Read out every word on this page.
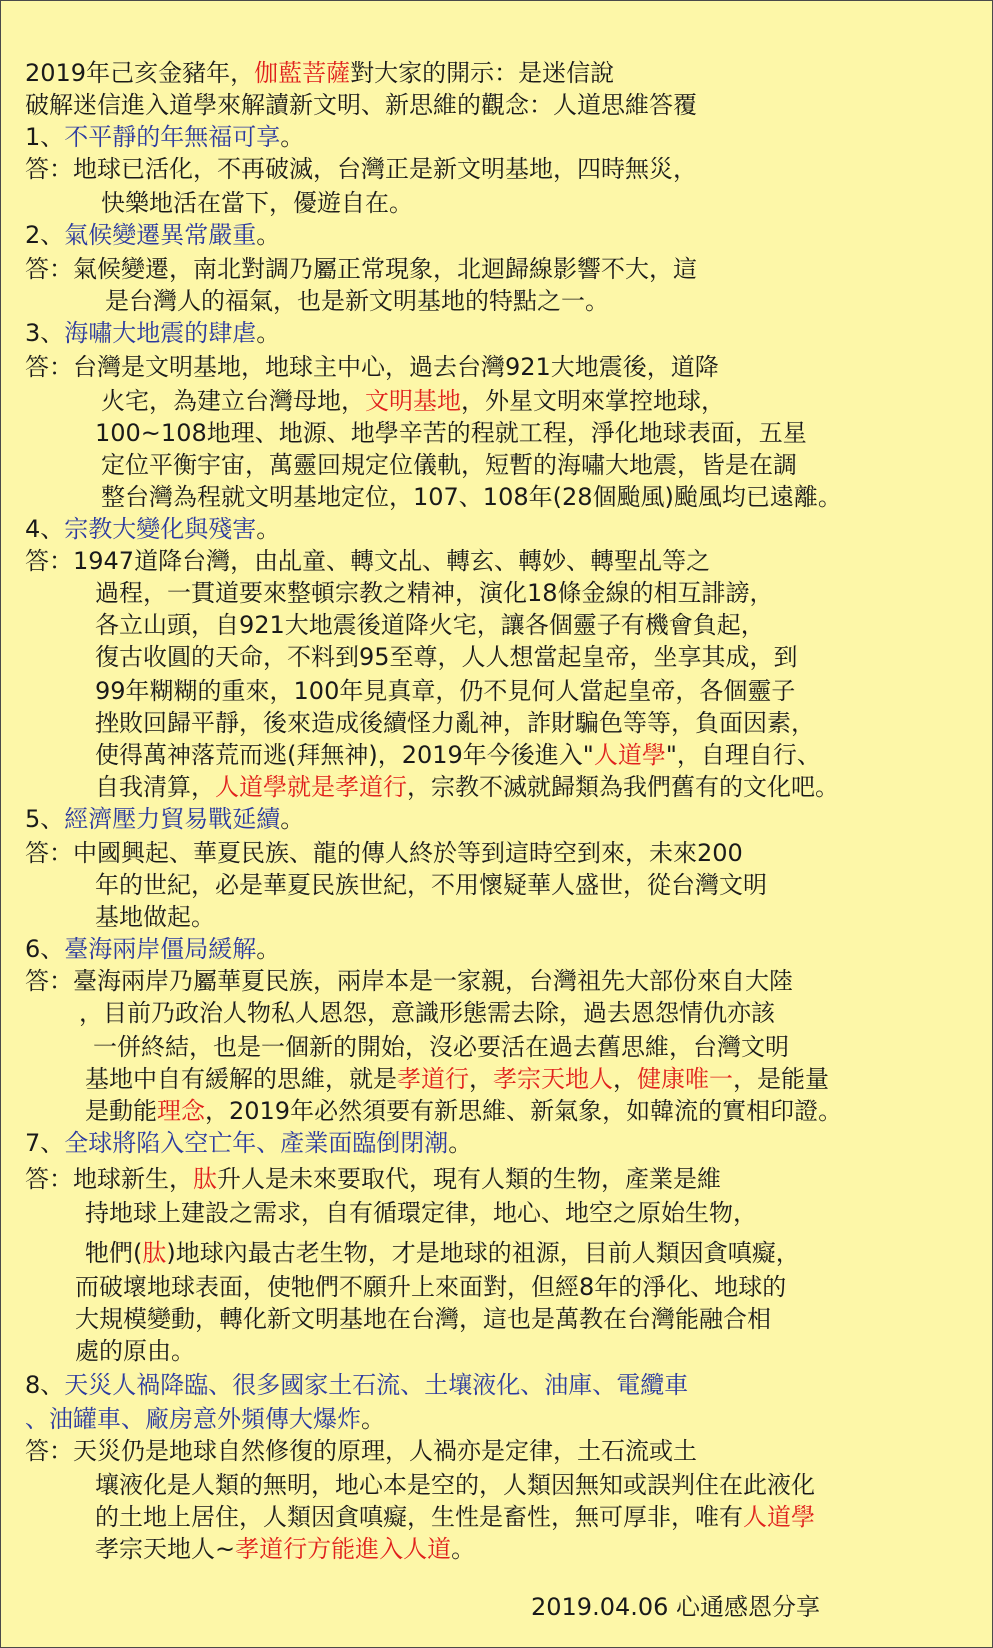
2019年己亥金豬年，伽藍菩薩對大家的開示：是迷信說
破解迷信進入道學來解讀新文明、新思維的觀念：人道思維答覆
1、不平靜的年無福可享。
答：地球已活化，不再破滅，台灣正是新文明基地，四時無災，
快樂地活在當下，優遊自在。
2、氣候變遷異常嚴重。
答：氣候變遷，南北對調乃屬正常現象，北迴歸線影響不大，這
是台灣人的福氣，也是新文明基地的特點之一。
3、海嘯大地震的肆虐。
答：台灣是文明基地，地球主中心，過去台灣921大地震後，道降
火宅，為建立台灣母地，文明基地，外星文明來掌控地球，
100~108地理、地源、地學辛苦的程就工程，淨化地球表面，五星
定位平衡宇宙，萬靈回規定位儀軌，短暫的海嘯大地震，皆是在調
整台灣為程就文明基地定位，107、108年(28個颱風)颱風均已遠離。
4、宗教大變化與殘害。
答：1947道降台灣，由乩童、轉文乩、轉玄、轉妙、轉聖乩等之
過程，一貫道要來整頓宗教之精神，演化18條金線的相互誹謗，
各立山頭，自921大地震後道降火宅，讓各個靈子有機會負起，
復古收圓的天命，不料到95至尊，人人想當起皇帝，坐享其成，到
99年糊糊的重來，100年見真章，仍不見何人當起皇帝，各個靈子
挫敗回歸平靜，後來造成後續怪力亂神，詐財騙色等等，負面因素，
使得萬神落荒而逃(拜無神)，2019年今後進入"人道學"，自理自行、
自我清算，人道學就是孝道行，宗教不滅就歸類為我們舊有的文化吧。
5、經濟壓力貿易戰延續。
答：中國興起、華夏民族、龍的傳人終於等到這時空到來，未來200
年的世紀，必是華夏民族世紀，不用懷疑華人盛世，從台灣文明
基地做起。
6、臺海兩岸僵局緩解。
答：臺海兩岸乃屬華夏民族，兩岸本是一家親，台灣祖先大部份來自大陸
，目前乃政治人物私人恩怨，意識形態需去除，過去恩怨情仇亦該
一併終結，也是一個新的開始，沒必要活在過去舊思維，台灣文明
基地中自有緩解的思維，就是孝道行，孝宗天地人，健康唯一，是能量
是動能理念，2019年必然須要有新思維、新氣象，如韓流的實相印證。
7、全球將陷入空亡年、產業面臨倒閉潮。
答：地球新生，肽升人是未來要取代，現有人類的生物，產業是維
持地球上建設之需求，自有循環定律，地心、地空之原始生物，
牠們(肽)地球內最古老生物，才是地球的祖源，目前人類因貪嗔癡，
而破壞地球表面，使牠們不願升上來面對，但經8年的淨化、地球的
大規模變動，轉化新文明基地在台灣，這也是萬教在台灣能融合相
處的原由。
8、天災人禍降臨、很多國家土石流、土壤液化、油庫、電纜車
、油罐車、廠房意外頻傳大爆炸。
答：天災仍是地球自然修復的原理，人禍亦是定律，土石流或土
壤液化是人類的無明，地心本是空的，人類因無知或誤判住在此液化
的土地上居住，人類因貪嗔癡，生性是畜性，無可厚非，唯有人道學
孝宗天地人~孝道行方能進入人道。
2019.04.06 心通感恩分享
